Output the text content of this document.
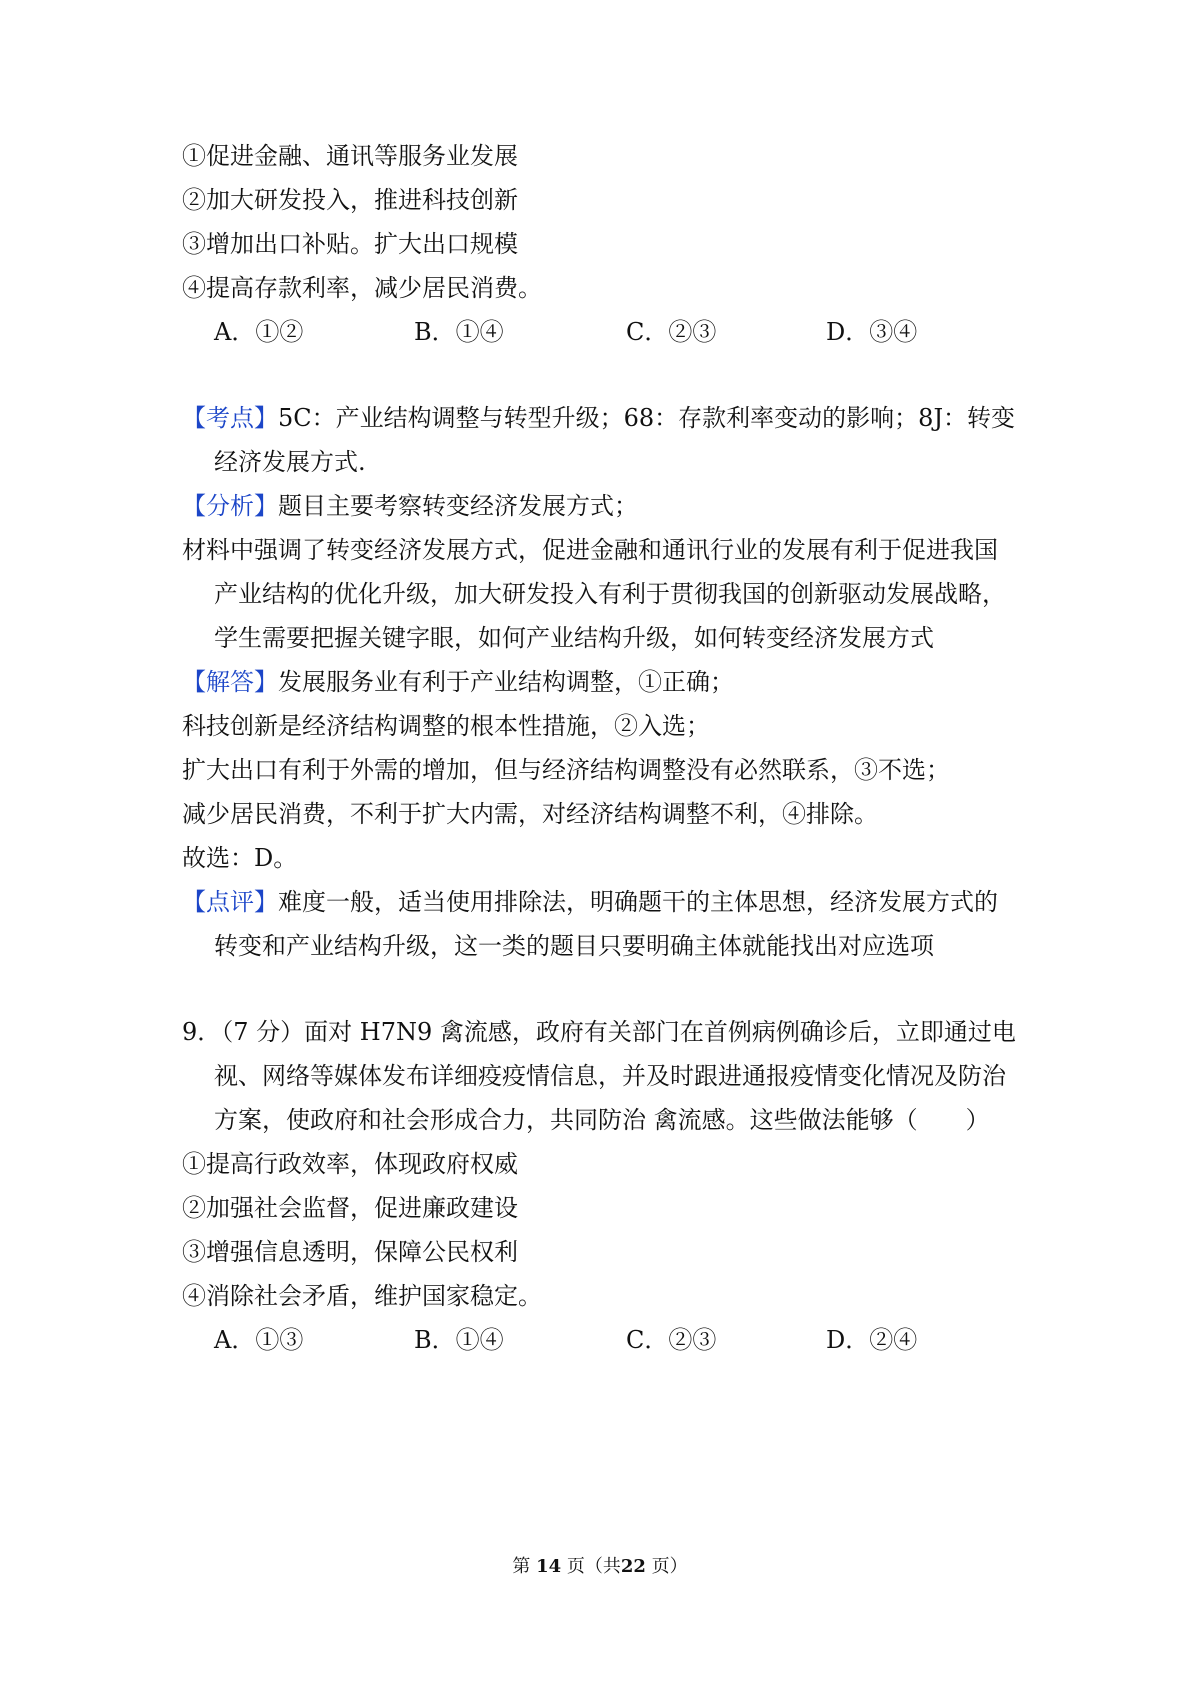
①促进金融、通讯等服务业发展
②加大研发投入，推进科技创新
③增加出口补贴。扩大出口规模
④提高存款利率，减少居民消费。
A．①②	B．①④	C．②③	D．③④
【考点】5C：产业结构调整与转型升级；68：存款利率变动的影响；8J：转变
经济发展方式.
【分析】题目主要考察转变经济发展方式；
材料中强调了转变经济发展方式，促进金融和通讯行业的发展有利于促进我国
产业结构的优化升级，加大研发投入有利于贯彻我国的创新驱动发展战略，
学生需要把握关键字眼，如何产业结构升级，如何转变经济发展方式
【解答】发展服务业有利于产业结构调整，①正确；
科技创新是经济结构调整的根本性措施，②入选；
扩大出口有利于外需的增加，但与经济结构调整没有必然联系，③不选；
减少居民消费，不利于扩大内需，对经济结构调整不利，④排除。
故选：D。
【点评】难度一般，适当使用排除法，明确题干的主体思想，经济发展方式的
转变和产业结构升级，这一类的题目只要明确主体就能找出对应选项
9．（7 分）面对 H7N9 禽流感，政府有关部门在首例病例确诊后，立即通过电
视、网络等媒体发布详细疫疫情信息，并及时跟进通报疫情变化情况及防治
方案，使政府和社会形成合力，共同防治 禽流感。这些做法能够（　　）
①提高行政效率，体现政府权威
②加强社会监督，促进廉政建设
③增强信息透明，保障公民权利
④消除社会矛盾，维护国家稳定。
A．①③	B．①④	C．②③	D．②④
第 14 页（共22 页）
